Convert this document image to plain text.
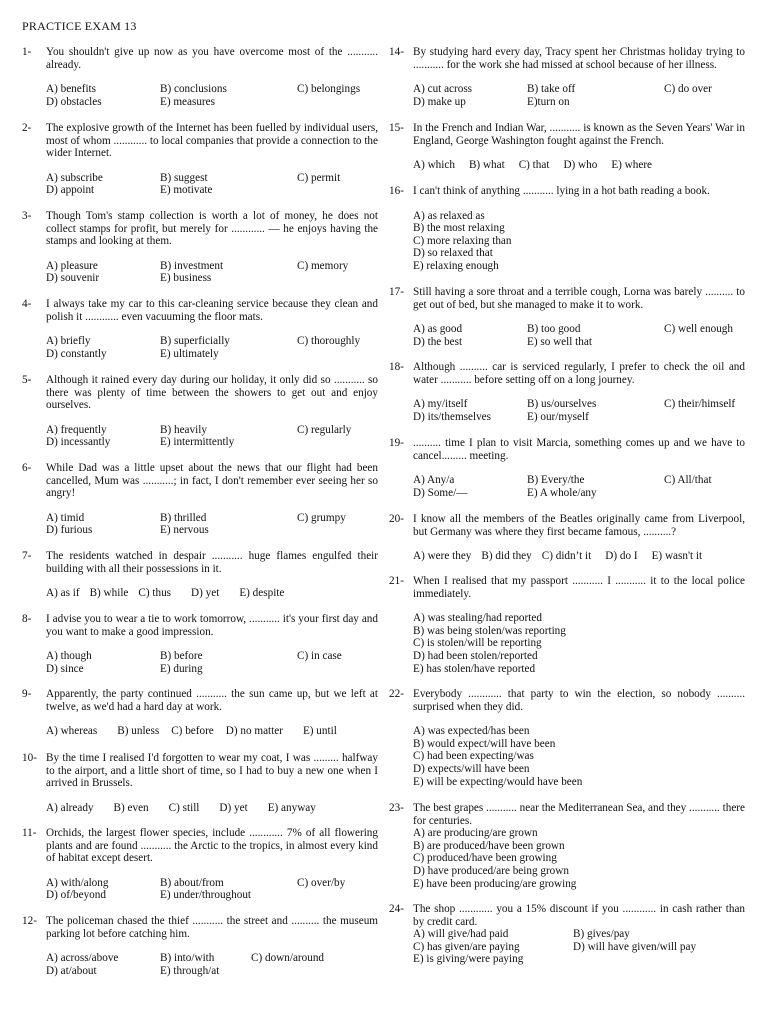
PRACTICE EXAM 13
1-	You shouldn't give up now as you have overcome most of the ........... already.
A) benefits	B) conclusions	C) belongings
D) obstacles	E) measures
2-	The explosive growth of the Internet has been fuelled by individual users, most of whom ............ to local companies that provide a connection to the wider Internet.
A) subscribe	B) suggest	C) permit
D) appoint	E) motivate
3-	Though Tom's stamp collection is worth a lot of money, he does not collect stamps for profit, but merely for ............ — he enjoys having the stamps and looking at them.
A) pleasure	B) investment	C) memory
D) souvenir	E) business
4-	I always take my car to this car-cleaning service because they clean and polish it ............ even vacuuming the floor mats.
A) briefly	B) superficially	C) thoroughly
D) constantly	E) ultimately
5-	Although it rained every day during our holiday, it only did so ........... so there was plenty of time between the showers to get out and enjoy ourselves.
A) frequently	B) heavily	C) regularly
D) incessantly	E) intermittently
6-	While Dad was a little upset about the news that our flight had been cancelled, Mum was ...........; in fact, I don't remember ever seeing her so angry!
A) timid	B) thrilled	C) grumpy
D) furious	E) nervous
7-	The residents watched in despair ........... huge flames engulfed their building with all their possessions in it.
A) as if B) while C) thus D) yet E) despite
8-	I advise you to wear a tie to work tomorrow, ........... it's your first day and you want to make a good impression.
A) though	B) before	C) in case
D) since	E) during
9-	Apparently, the party continued ........... the sun came up, but we left at twelve, as we'd had a hard day at work.
A) whereas B) unless C) before D) no matter E) until
10- By the time I realised I'd forgotten to wear my coat, I was ......... halfway to the airport, and a little short of time, so I had to buy a new one when I arrived in Brussels.
A) already B) even C) still D) yet E) anyway
11- Orchids, the largest flower species, include ............ 7% of all flowering plants and are found ........... the Arctic to the tropics, in almost every kind of habitat except desert.
A) with/along	B) about/from	C) over/by
D) of/beyond	E) under/throughout
12- The policeman chased the thief ........... the street and .......... the museum parking lot before catching him.
A) across/above	B) into/with	C) down/around
D) at/about	E) through/at
14- By studying hard every day, Tracy spent her Christmas holiday trying to ........... for the work she had missed at school because of her illness.
A) cut across	B) take off	C) do over
D) make up	E)turn on
15- In the French and Indian War, ........... is known as the Seven Years' War in England, George Washington fought against the French.
A) which B) what C) that D) who E) where
16- I can't think of anything ........... lying in a hot bath reading a book.
A) as relaxed as
B) the most relaxing
C) more relaxing than
D) so relaxed that
E) relaxing enough
17- Still having a sore throat and a terrible cough, Lorna was barely .......... to get out of bed, but she managed to make it to work.
A) as good	B) too good	C) well enough
D) the best	E) so well that
18- Although .......... car is serviced regularly, I prefer to check the oil and water ........... before setting off on a long journey.
A) my/itself	B) us/ourselves	C) their/himself
D) its/themselves	E) our/myself
19- .......... time I plan to visit Marcia, something comes up and we have to cancel......... meeting.
A) Any/a	B) Every/the	C) All/that
D) Some/—	E) A whole/any
20- I know all the members of the Beatles originally came from Liverpool, but Germany was where they first became famous, ..........?
A) were they B) did they C) didn’t it D) do I E) wasn't it
21- When I realised that my passport ........... I ........... it to the local police immediately.
A) was stealing/had reported
B) was being stolen/was reporting
C) is stolen/will be reporting
D) had been stolen/reported
E) has stolen/have reported
22- Everybody ............ that party to win the election, so nobody .......... surprised when they did.
A) was expected/has been
B) would expect/will have been
C) had been expecting/was
D) expects/will have been
E) will be expecting/would have been
23- The best grapes ........... near the Mediterranean Sea, and they ........... there for centuries.
A) are producing/are grown
B) are produced/have been grown
C) produced/have been growing
D) have produced/are being grown
E) have been producing/are growing
24- The shop ............ you a 15% discount if you ............ in cash rather than by credit card.
A) will give/had paid	B) gives/pay
C) has given/are paying	D) will have given/will pay
E) is giving/were paying
